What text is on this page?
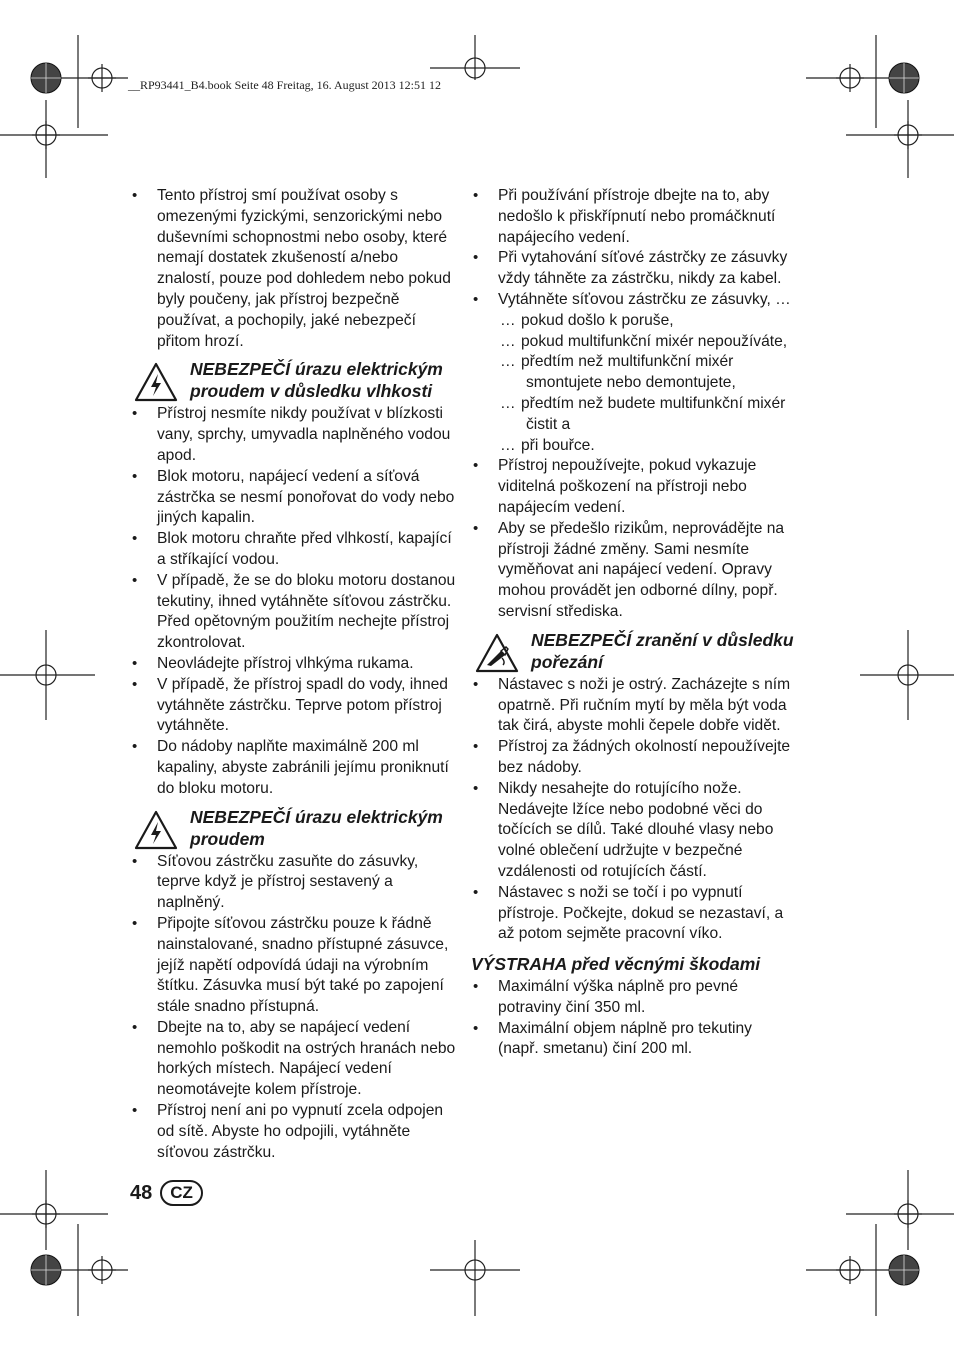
__RP93441_B4.book Seite 48 Freitag, 16. August 2013 12:51 12
• Tento přístroj smí používat osoby s omezenými fyzickými, senzorickými nebo duševními schopnostmi nebo osoby, které nemají dostatek zkušeností a/nebo znalostí, pouze pod dohledem nebo pokud byly poučeny, jak přístroj bezpečně používat, a pochopily, jaké nebezpečí přitom hrozí.
NEBEZPEČÍ úrazu elektrickým proudem v důsledku vlhkosti
• Přístroj nesmíte nikdy používat v blízkosti vany, sprchy, umyvadla naplněného vodou apod.
• Blok motoru, napájecí vedení a síťová zástrčka se nesmí ponořovat do vody nebo jiných kapalin.
• Blok motoru chraňte před vlhkostí, kapající a stříkající vodou.
• V případě, že se do bloku motoru dostanou tekutiny, ihned vytáhněte síťovou zástrčku. Před opětovným použitím nechejte přístroj zkontrolovat.
• Neovládejte přístroj vlhkýma rukama.
• V případě, že přístroj spadl do vody, ihned vytáhněte zástrčku. Teprve potom přístroj vytáhněte.
• Do nádoby naplňte maximálně 200 ml kapaliny, abyste zabránili jejímu proniknutí do bloku motoru.
NEBEZPEČÍ úrazu elektrickým proudem
• Síťovou zástrčku zasuňte do zásuvky, teprve když je přístroj sestavený a naplněný.
• Připojte síťovou zástrčku pouze k řádně nainstalované, snadno přístupné zásuvce, jejíž napětí odpovídá údaji na výrobním štítku. Zásuvka musí být také po zapojení stále snadno přístupná.
• Dbejte na to, aby se napájecí vedení nemohlo poškodit na ostrých hranách nebo horkých místech. Napájecí vedení neomotávejte kolem přístroje.
• Přístroj není ani po vypnutí zcela odpojen od sítě. Abyste ho odpojili, vytáhněte síťovou zástrčku.
• Při používání přístroje dbejte na to, aby nedošlo k přiskřípnutí nebo promáčknutí napájecího vedení.
• Při vytahování síťové zástrčky ze zásuvky vždy táhněte za zástrčku, nikdy za kabel.
• Vytáhněte síťovou zástrčku ze zásuvky, …
… pokud došlo k poruše,
… pokud multifunkční mixér nepoužíváte,
… předtím než multifunkční mixér smontujete nebo demontujete,
… předtím než budete multifunkční mixér čistit a
… při bouřce.
• Přístroj nepoužívejte, pokud vykazuje viditelná poškození na přístroji nebo napájecím vedení.
• Aby se předešlo rizikům, neprovádějte na přístroji žádné změny. Sami nesmíte vyměňovat ani napájecí vedení. Opravy mohou provádět jen odborné dílny, popř. servisní střediska.
NEBEZPEČÍ zranění v důsledku pořezání
• Nástavec s noži je ostrý. Zacházejte s ním opatrně. Při ručním mytí by měla být voda tak čirá, abyste mohli čepele dobře vidět.
• Přístroj za žádných okolností nepoužívejte bez nádoby.
• Nikdy nesahejte do rotujícího nože. Nedávejte lžíce nebo podobné věci do točících se dílů. Také dlouhé vlasy nebo volné oblečení udržujte v bezpečné vzdálenosti od rotujících částí.
• Nástavec s noži se točí i po vypnutí přístroje. Počkejte, dokud se nezastaví, a až potom sejměte pracovní víko.
VÝSTRAHA před věcnými škodami
• Maximální výška náplně pro pevné potraviny činí 350 ml.
• Maximální objem náplně pro tekutiny (např. smetanu) činí 200 ml.
48	CZ
